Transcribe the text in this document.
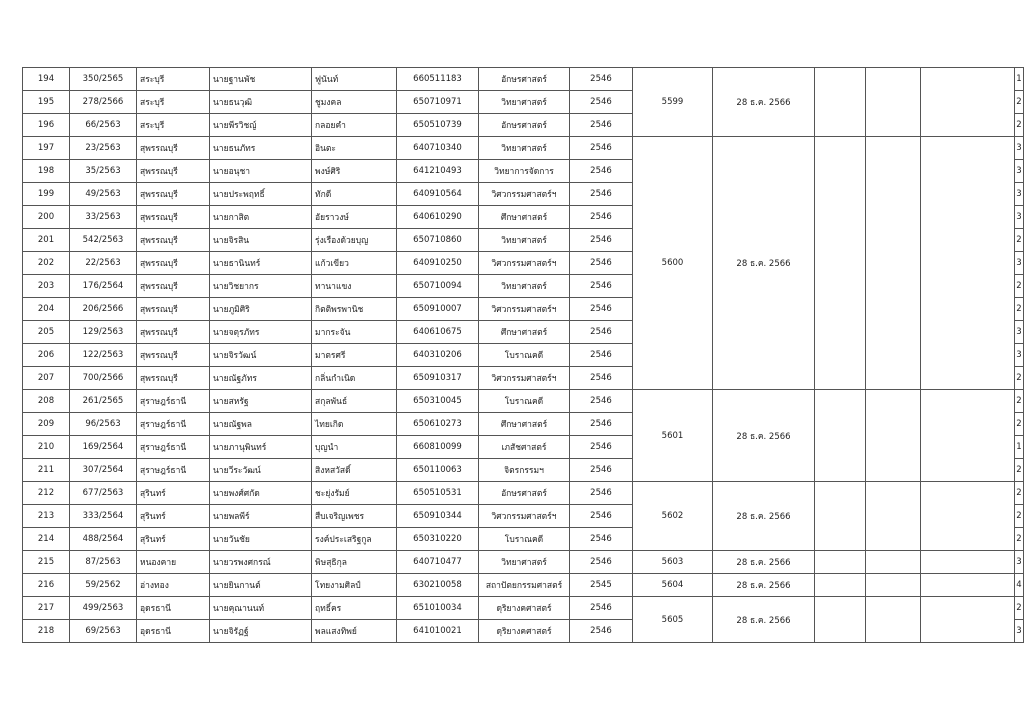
194	350/2565	สระบุรี	นายฐานพัช	ฟูนันท์	660511183	อักษรศาสตร์	2546	5599	28 ธ.ค. 2566				1
195	278/2566	สระบุรี	นายธนวุฒิ	ชูมงคล	650710971	วิทยาศาสตร์	2546						2
196	66/2563	สระบุรี	นายพีรวิชญ์	กลอยคำ	650510739	อักษรศาสตร์	2546						2
197	23/2563	สุพรรณบุรี	นายธนภัทร	อินตะ	640710340	วิทยาศาสตร์	2546	5600	28 ธ.ค. 2566				3
198	35/2563	สุพรรณบุรี	นายอนุชา	พงษ์ศิริ	641210493	วิทยาการจัดการ	2546						3
199	49/2563	สุพรรณบุรี	นายประพฤทธิ์	ทักดี	640910564	วิศวกรรมศาสตร์ฯ	2546						3
200	33/2563	สุพรรณบุรี	นายกาสิต	อัยราวงษ์	640610290	ศึกษาศาสตร์	2546						3
201	542/2563	สุพรรณบุรี	นายจิรสิน	รุ่งเรืองด้วยบุญ	650710860	วิทยาศาสตร์	2546						2
202	22/2563	สุพรรณบุรี	นายธานินทร์	แก้วเขียว	640910250	วิศวกรรมศาสตร์ฯ	2546						3
203	176/2564	สุพรรณบุรี	นายวิชยากร	ทานาแขง	650710094	วิทยาศาสตร์	2546						2
204	206/2566	สุพรรณบุรี	นายภูมิศิริ	กิตติพรพานิช	650910007	วิศวกรรมศาสตร์ฯ	2546						2
205	129/2563	สุพรรณบุรี	นายจตุรภัทร	มากระจัน	640610675	ศึกษาศาสตร์	2546						3
206	122/2563	สุพรรณบุรี	นายจิรวัฒน์	มาตรศรี	640310206	โบราณคดี	2546						3
207	700/2566	สุพรรณบุรี	นายณัฐภัทร	กลิ่นกำเนิด	650910317	วิศวกรรมศาสตร์ฯ	2546						2
208	261/2565	สุราษฎร์ธานี	นายสหรัฐ	สกุลพันธ์	650310045	โบราณคดี	2546	5601	28 ธ.ค. 2566				2
209	96/2563	สุราษฎร์ธานี	นายณัฐพล	ไทยเกิด	650610273	ศึกษาศาสตร์	2546						2
210	169/2564	สุราษฎร์ธานี	นายภานุพินทร์	บุญนำ	660810099	เภสัชศาสตร์	2546						1
211	307/2564	สุราษฎร์ธานี	นายวีระวัฒน์	สิงหสวัสดิ์	650110063	จิตรกรรมฯ	2546						2
212	677/2563	สุรินทร์	นายพงศ์ศกัด	ชะยุ่งรัมย์	650510531	อักษรศาสตร์	2546	5602	28 ธ.ค. 2566				2
213	333/2564	สุรินทร์	นายพลพีร์	สืบเจริญเพชร	650910344	วิศวกรรมศาสตร์ฯ	2546						2
214	488/2564	สุรินทร์	นายวันชัย	รงค์ประเสริฐกูล	650310220	โบราณคดี	2546						2
215	87/2563	หนองคาย	นายวรพงศกรณ์	พิษสุธิกุล	640710477	วิทยาศาสตร์	2546	5603	28 ธ.ค. 2566				3
216	59/2562	อ่างทอง	นายยินกานต์	โทยงามศิลป์	630210058	สถาปัตยกรรมศาสตร์	2545	5604	28 ธ.ค. 2566				4
217	499/2563	อุดรธานี	นายคุณานนท์	ฤทธิ์คร	651010034	ดุริยางคศาสตร์	2546	5605	28 ธ.ค. 2566				2
218	69/2563	อุดรธานี	นายจิรัฏฐ์	พลแสงทิพย์	641010021	ดุริยางคศาสตร์	2546						3
